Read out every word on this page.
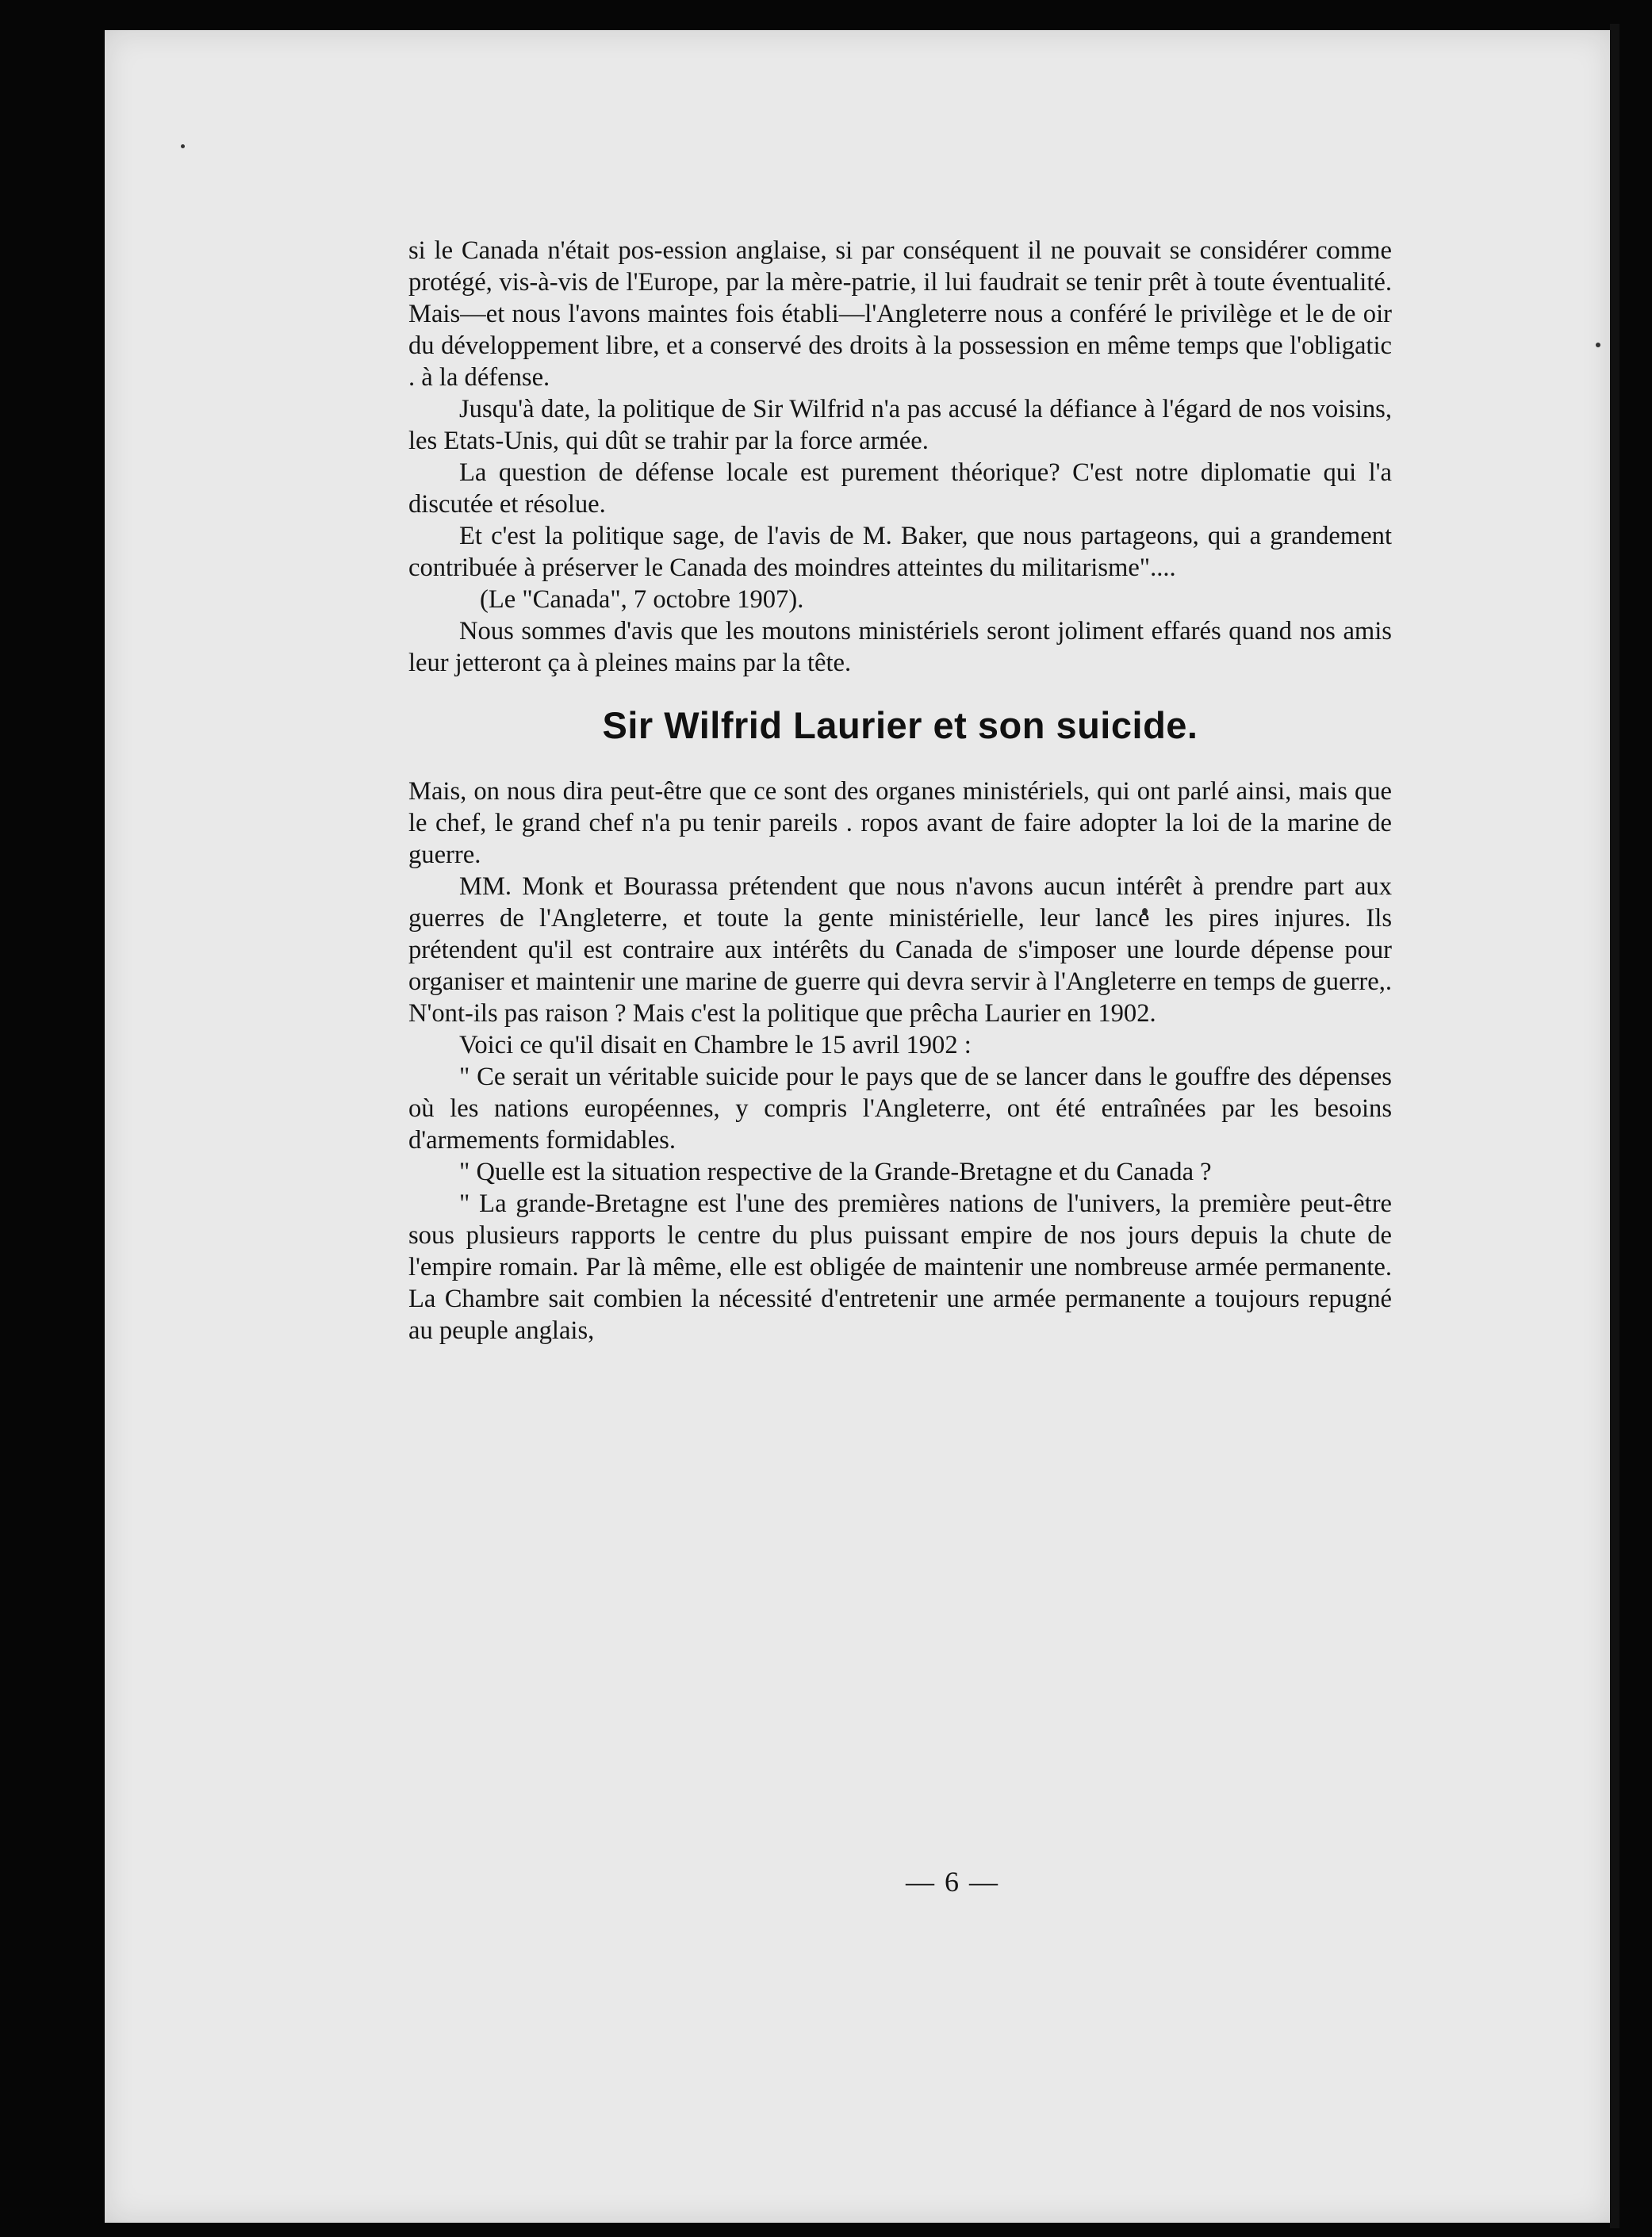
si le Canada n'était pos-ession anglaise, si par conséquent il ne pouvait se considérer comme protégé, vis-à-vis de l'Europe, par la mère-patrie, il lui faudrait se tenir prêt à toute éventualité. Mais—et nous l'avons maintes fois établi—l'Angleterre nous a conféré le privilège et le de oir du développement libre, et a conservé des droits à la possession en même temps que l'obligatic . à la défense.

Jusqu'à date, la politique de Sir Wilfrid n'a pas accusé la défiance à l'égard de nos voisins, les Etats-Unis, qui dût se trahir par la force armée.

La question de défense locale est purement théorique? C'est notre diplomatie qui l'a discutée et résolue.

Et c'est la politique sage, de l'avis de M. Baker, que nous partageons, qui a grandement contribuée à préserver le Canada des moindres atteintes du militarisme"....

(Le "Canada", 7 octobre 1907).

Nous sommes d'avis que les moutons ministériels seront joliment effarés quand nos amis leur jetteront ça à pleines mains par la tête.

Sir Wilfrid Laurier et son suicide.

Mais, on nous dira peut-être que ce sont des organes ministériels, qui ont parlé ainsi, mais que le chef, le grand chef n'a pu tenir pareils . ropos avant de faire adopter la loi de la marine de guerre.

MM. Monk et Bourassa prétendent que nous n'avons aucun intérêt à prendre part aux guerres de l'Angleterre, et toute la gente ministérielle, leur lance les pires injures. Ils prétendent qu'il est contraire aux intérêts du Canada de s'imposer une lourde dépense pour organiser et maintenir une marine de guerre qui devra servir à l'Angleterre en temps de guerre,. N'ont-ils pas raison ? Mais c'est la politique que prêcha Laurier en 1902.

Voici ce qu'il disait en Chambre le 15 avril 1902 :

" Ce serait un véritable suicide pour le pays que de se lancer dans le gouffre des dépenses où les nations européennes, y compris l'Angleterre, ont été entraînées par les besoins d'armements formidables.

" Quelle est la situation respective de la Grande-Bretagne et du Canada ?

" La grande-Bretagne est l'une des premières nations de l'univers, la première peut-être sous plusieurs rapports le centre du plus puissant empire de nos jours depuis la chute de l'empire romain. Par là même, elle est obligée de maintenir une nombreuse armée permanente. La Chambre sait combien la nécessité d'entretenir une armée permanente a toujours repugné au peuple anglais,

— 6 —
